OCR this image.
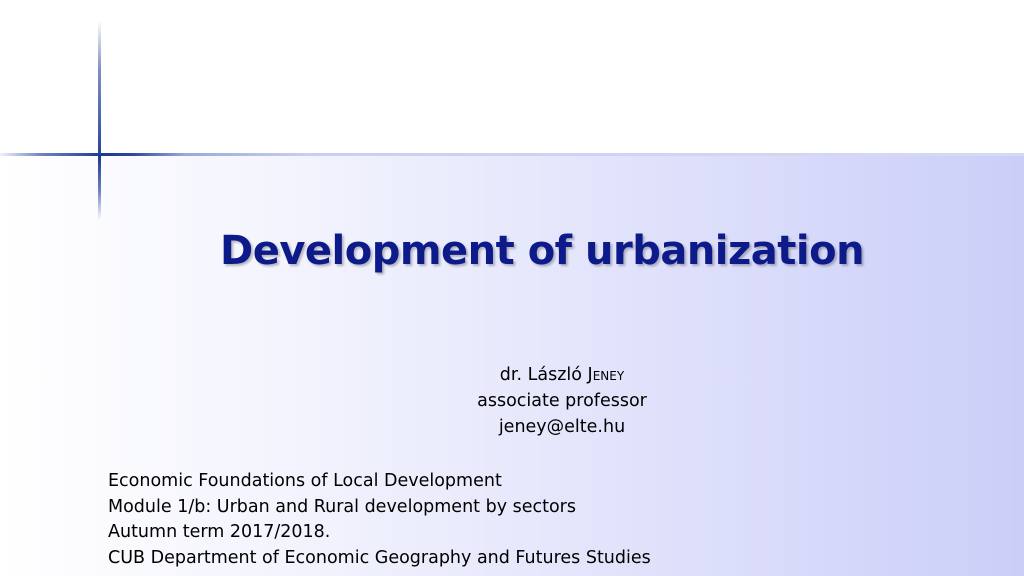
Development of urbanization
dr. László Jeney
associate professor
jeney@elte.hu
Economic Foundations of Local Development
Module 1/b: Urban and Rural development by sectors
Autumn term 2017/2018.
CUB Department of Economic Geography and Futures Studies
